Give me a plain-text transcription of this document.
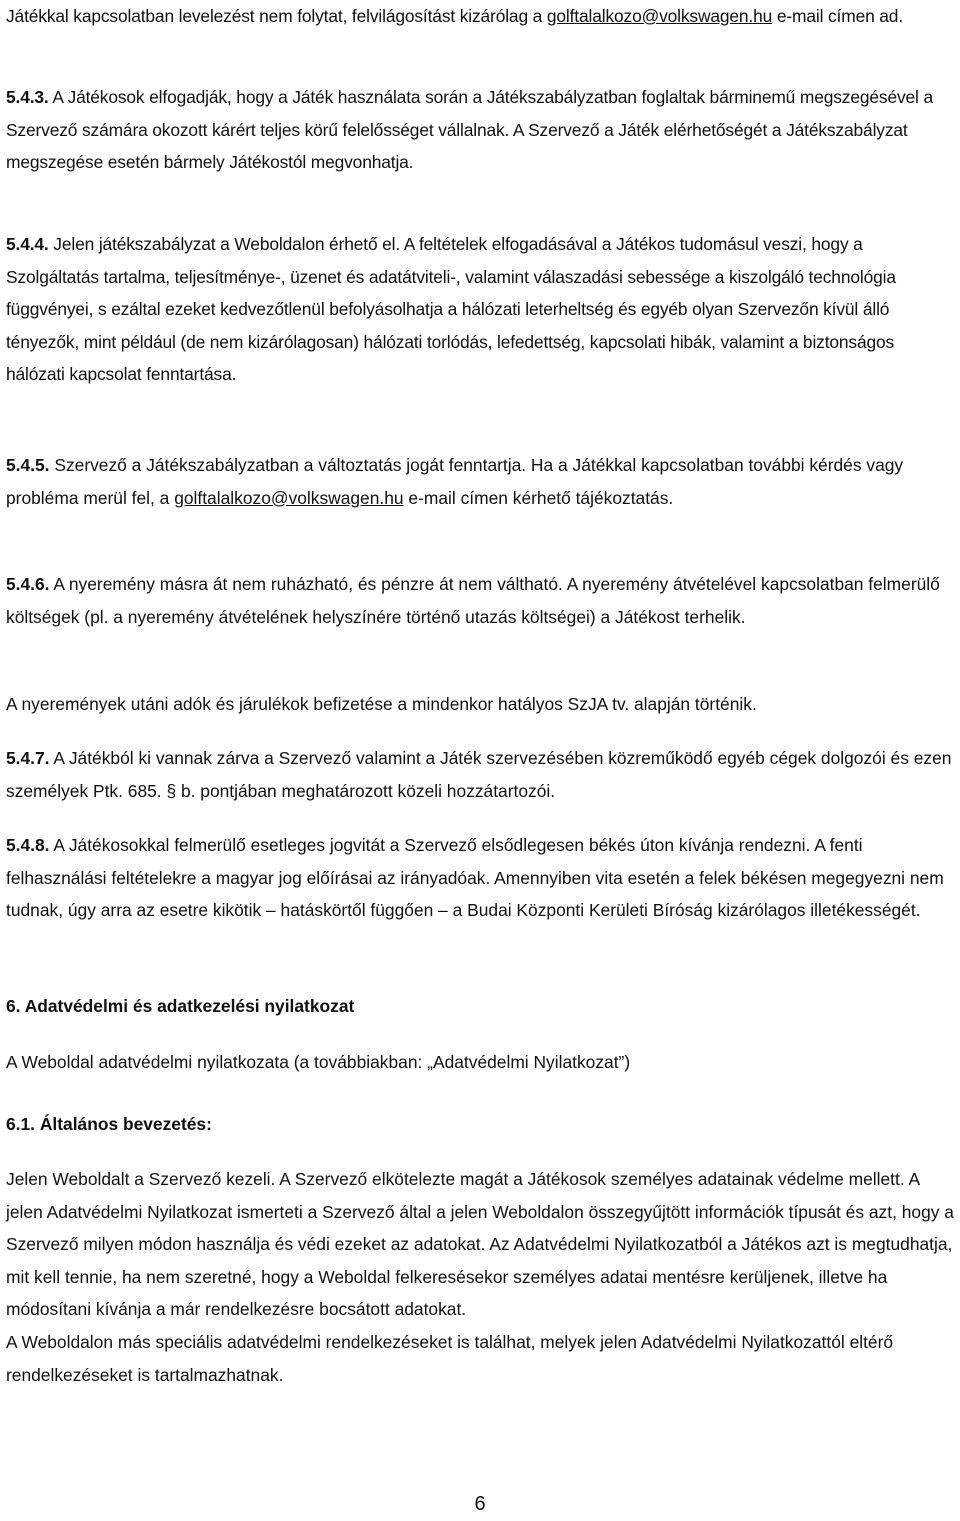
Játékkal kapcsolatban levelezést nem folytat, felvilágosítást kizárólag a golftalalkozo@volkswagen.hu e-mail címen ad.

5.4.3. A Játékosok elfogadják, hogy a Játék használata során a Játékszabályzatban foglaltak bárminemű megszegésével a Szervező számára okozott kárért teljes körű felelősséget vállalnak. A Szervező a Játék elérhetőségét a Játékszabályzat megszegése esetén bármely Játékostól megvonhatja.

5.4.4. Jelen játékszabályzat a Weboldalon érhető el. A feltételek elfogadásával a Játékos tudomásul veszi, hogy a Szolgáltatás tartalma, teljesítménye-, üzenet és adatátviteli-, valamint válaszadási sebessége a kiszolgáló technológia függvényei, s ezáltal ezeket kedvezőtlenül befolyásolhatja a hálózati leterheltség és egyéb olyan Szervezőn kívül álló tényezők, mint például (de nem kizárólagosan) hálózati torlódás, lefedettség, kapcsolati hibák, valamint a biztonságos hálózati kapcsolat fenntartása.

5.4.5. Szervező a Játékszabályzatban a változtatás jogát fenntartja. Ha a Játékkal kapcsolatban további kérdés vagy probléma merül fel, a golftalalkozo@volkswagen.hu e-mail címen kérhető tájékoztatás.

5.4.6. A nyeremény másra át nem ruházható, és pénzre át nem váltható. A nyeremény átvételével kapcsolatban felmerülő költségek (pl. a nyeremény átvételének helyszínére történő utazás költségei) a Játékost terhelik.

A nyeremények utáni adók és járulékok befizetése a mindenkor hatályos SzJA tv. alapján történik.

5.4.7. A Játékból ki vannak zárva a Szervező valamint a Játék szervezésében közreműködő egyéb cégek dolgozói és ezen személyek Ptk. 685. § b. pontjában meghatározott közeli hozzátartozói.

5.4.8. A Játékosokkal felmerülő esetleges jogvitát a Szervező elsődlegesen békés úton kívánja rendezni. A fenti felhasználási feltételekre a magyar jog előírásai az irányadóak. Amennyiben vita esetén a felek békésen megegyezni nem tudnak, úgy arra az esetre kikötik – hatáskörtől függően – a Budai Központi Kerületi Bíróság kizárólagos illetékességét.

6. Adatvédelmi és adatkezelési nyilatkozat
A Weboldal adatvédelmi nyilatkozata (a továbbiakban: „Adatvédelmi Nyilatkozat”)
6.1. Általános bevezetés:

Jelen Weboldalt a Szervező kezeli. A Szervező elkötelezte magát a Játékosok személyes adatainak védelme mellett. A jelen Adatvédelmi Nyilatkozat ismerteti a Szervező által a jelen Weboldalon összegyűjtött információk típusát és azt, hogy a Szervező milyen módon használja és védi ezeket az adatokat. Az Adatvédelmi Nyilatkozatból a Játékos azt is megtudhatja, mit kell tennie, ha nem szeretné, hogy a Weboldal felkeresésekor személyes adatai mentésre kerüljenek, illetve ha módosítani kívánja a már rendelkezésre bocsátott adatokat.

A Weboldalon más speciális adatvédelmi rendelkezéseket is találhat, melyek jelen Adatvédelmi Nyilatkozattól eltérő rendelkezéseket is tartalmazhatnak.

6
